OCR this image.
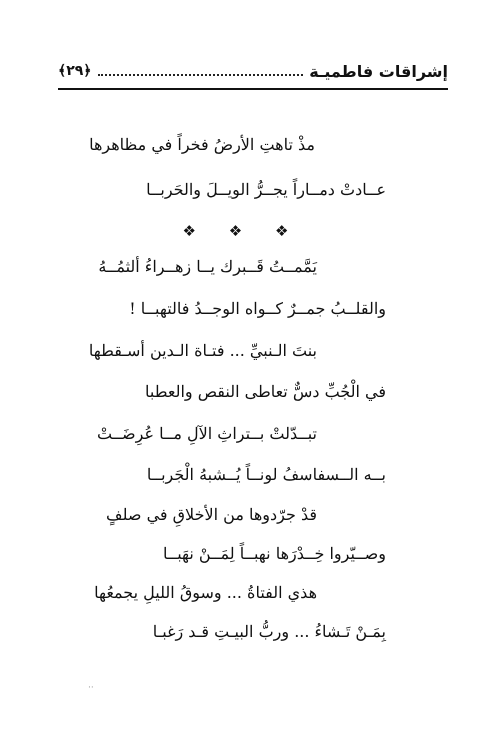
إشراقات فاطميـة
﴿٢٩﴾
مذْ تاهتِ الأرضُ فخراً في مظاهرها
عــادتْ دمــاراً يجــرُّ الويــلَ والحَربــا
❖ ❖ ❖
يَمَّمــتُ قَــبرك يــا زهــراءُ ألثمُــهُ
والقلــبُ جمــرٌ كــواه الوجــدُ فالتهبــا !
بنتَ الـنبيِّ ... فتـاة الـدين أسـقطها
في الْجُبِّ دسٌّ تعاطى النقص والعطبا
تبــدّلتْ بــتراثِ الآلِ مــا عُرِضَــتْ
بــه الــسفاسفُ لونــاً يُــشبهُ الْجَربــا
قدْ جرّدوها من الأخلاقِ في صلفٍ
وصــيّروا خِــدْرَها نهبــاً لِمَــنْ نهَبــا
هذي الفتاةُ ... وسوقُ الليلِ يجمعُها
بِمَـنْ تَـشاءُ ... وربُّ البيـتِ قـد رَغبـا
⋅⋅
